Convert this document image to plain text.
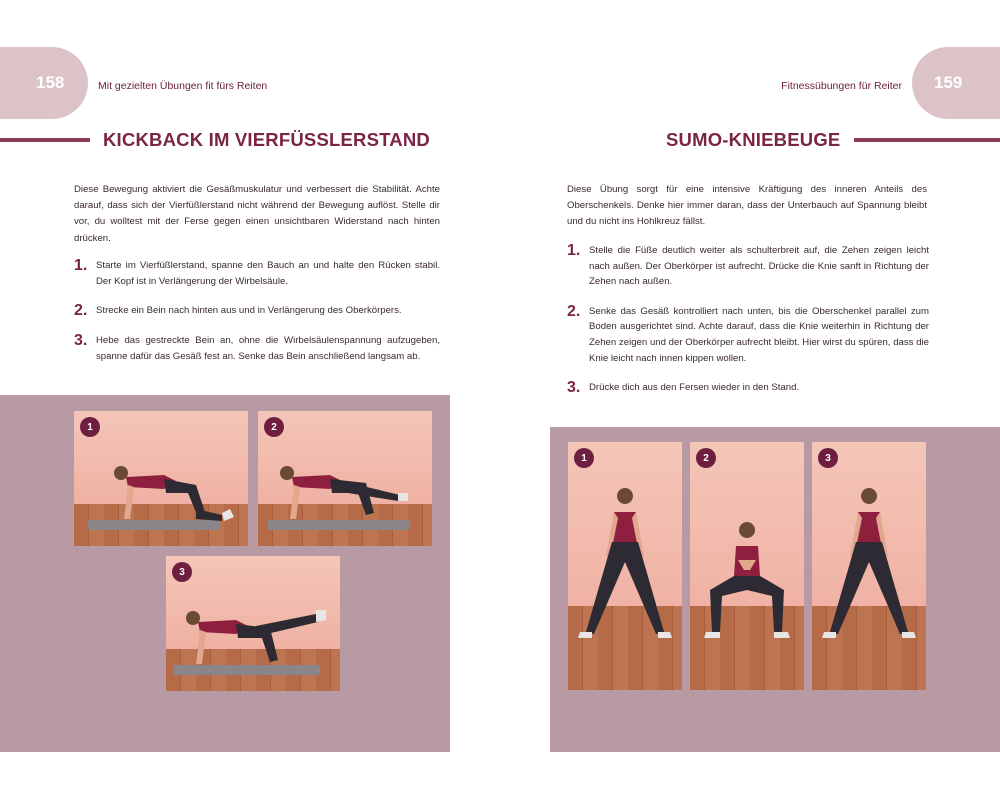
158	Mit gezielten Übungen fit fürs Reiten
KICKBACK IM VIERFÜSSLERSTAND

Diese Bewegung aktiviert die Gesäßmuskulatur und verbessert die Stabilität. Achte darauf, dass sich der Vierfüßlerstand nicht während der Bewegung auflöst. Stelle dir vor, du wolltest mit der Ferse gegen einen unsichtbaren Widerstand nach hinten drücken.

1. Starte im Vierfüßlerstand, spanne den Bauch an und halte den Rücken stabil. Der Kopf ist in Verlängerung der Wirbelsäule.
2. Strecke ein Bein nach hinten aus und in Verlängerung des Oberkörpers.
3. Hebe das gestreckte Bein an, ohne die Wirbelsäulenspannung aufzugeben, spanne dafür das Gesäß fest an. Senke das Bein anschließend langsam ab.
1	2
3
159
Fitnessübungen für Reiter
SUMO-KNIEBEUGE

Diese Übung sorgt für eine intensive Kräftigung des inneren Anteils des Oberschenkels. Denke hier immer daran, dass der Unterbauch auf Spannung bleibt und du nicht ins Hohlkreuz fällst.

1. Stelle die Füße deutlich weiter als schulterbreit auf, die Zehen zeigen leicht nach außen. Der Oberkörper ist aufrecht. Drücke die Knie sanft in Richtung der Zehen nach außen.
2. Senke das Gesäß kontrolliert nach unten, bis die Oberschenkel parallel zum Boden ausgerichtet sind. Achte darauf, dass die Knie weiterhin in Richtung der Zehen zeigen und der Oberkörper aufrecht bleibt. Hier wirst du spüren, dass die Knie leicht nach innen kippen wollen.
3. Drücke dich aus den Fersen wieder in den Stand.
1	2	3
